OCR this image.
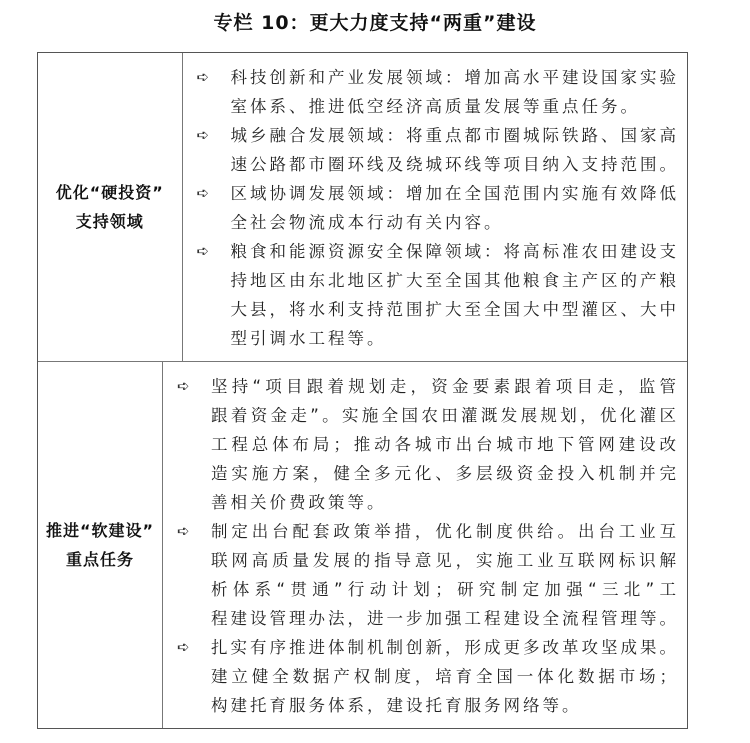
专栏 10：更大力度支持“两重”建设
优化“硬投资”
支持领域
➪	科技创新和产业发展领域：增加高水平建设国家实验
室体系、推进低空经济高质量发展等重点任务。
➪	城乡融合发展领域：将重点都市圈城际铁路、国家高
速公路都市圈环线及绕城环线等项目纳入支持范围。
➪	区域协调发展领域：增加在全国范围内实施有效降低
全社会物流成本行动有关内容。
➪	粮食和能源资源安全保障领域：将高标准农田建设支
持地区由东北地区扩大至全国其他粮食主产区的产粮
大县，将水利支持范围扩大至全国大中型灌区、大中
型引调水工程等。
推进“软建设”
重点任务
➪	坚持“项目跟着规划走，资金要素跟着项目走，监管
跟着资金走”。实施全国农田灌溉发展规划，优化灌区
工程总体布局；推动各城市出台城市地下管网建设改
造实施方案，健全多元化、多层级资金投入机制并完
善相关价费政策等。
➪	制定出台配套政策举措，优化制度供给。出台工业互
联网高质量发展的指导意见，实施工业互联网标识解
析体系“贯通”行动计划；研究制定加强“三北”工
程建设管理办法，进一步加强工程建设全流程管理等。
➪	扎实有序推进体制机制创新，形成更多改革攻坚成果。
建立健全数据产权制度，培育全国一体化数据市场；
构建托育服务体系，建设托育服务网络等。
